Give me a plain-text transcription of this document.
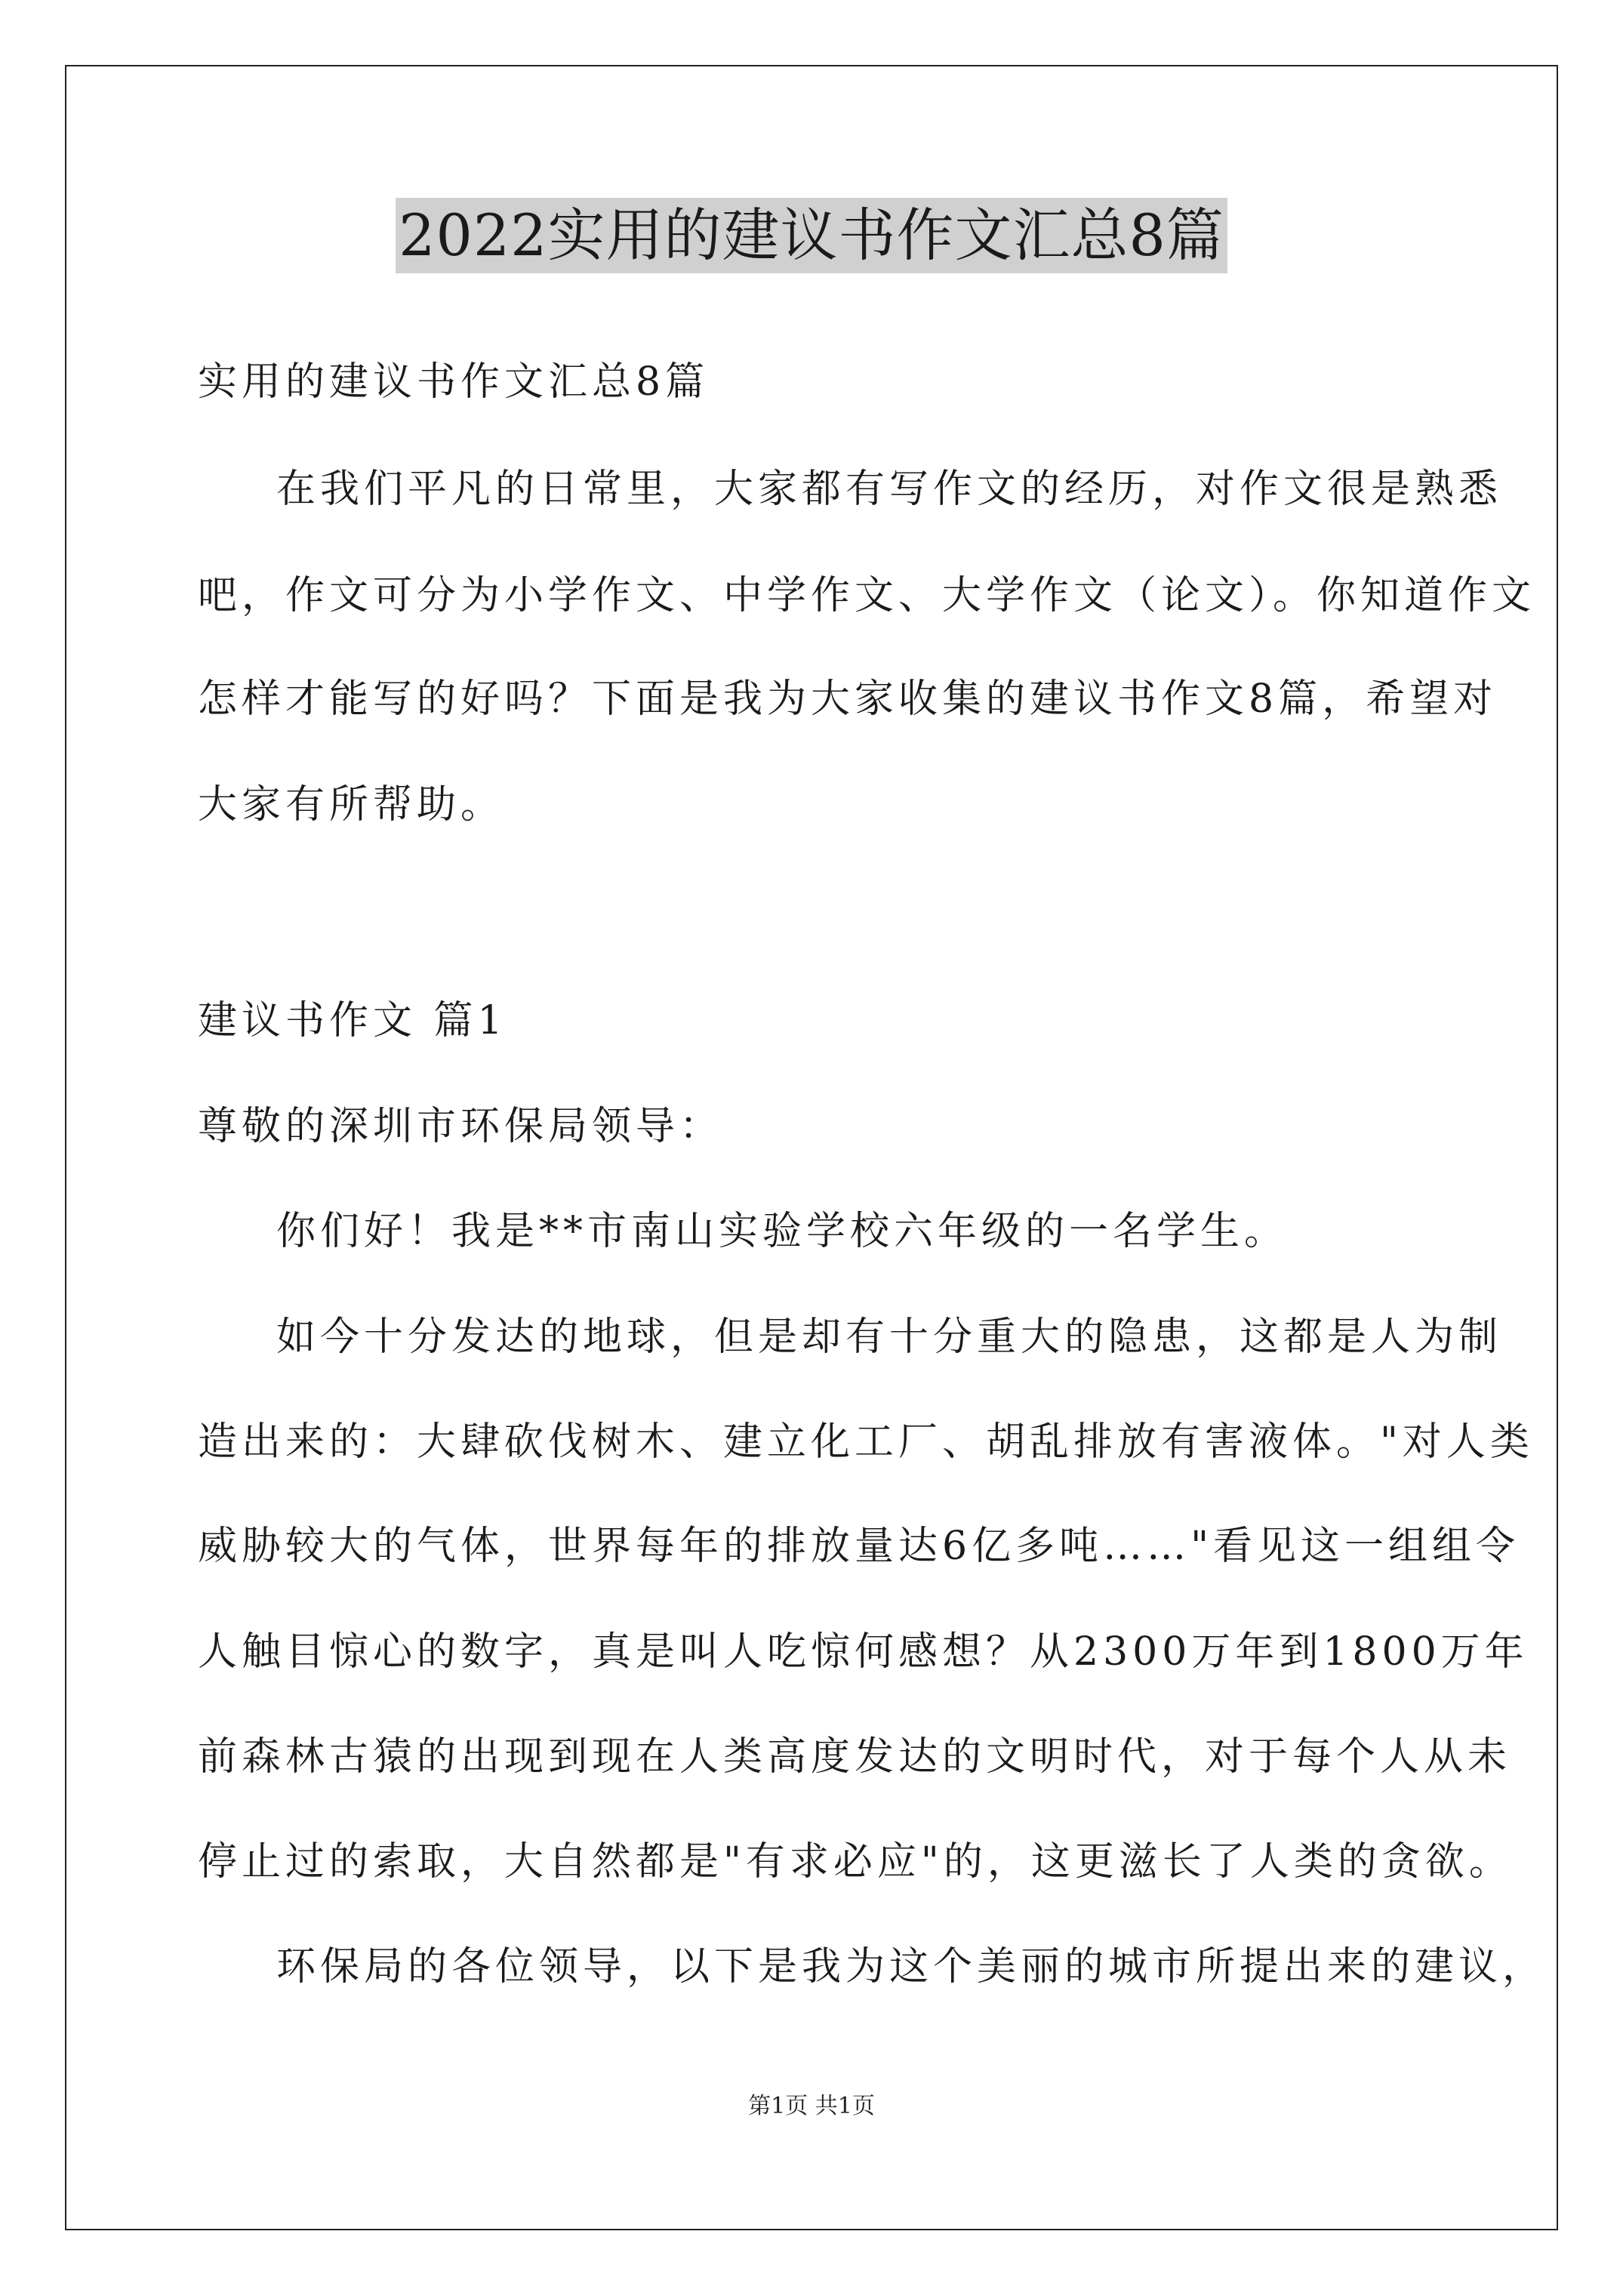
2022实用的建议书作文汇总8篇
实用的建议书作文汇总8篇
在我们平凡的日常里，大家都有写作文的经历，对作文很是熟悉
吧，作文可分为小学作文、中学作文、大学作文（论文）。你知道作文
怎样才能写的好吗？下面是我为大家收集的建议书作文8篇，希望对
大家有所帮助。
建议书作文 篇1
尊敬的深圳市环保局领导：
你们好！我是**市南山实验学校六年级的一名学生。
如今十分发达的地球，但是却有十分重大的隐患，这都是人为制
造出来的：大肆砍伐树木、建立化工厂、胡乱排放有害液体。"对人类
威胁较大的气体，世界每年的排放量达6亿多吨……"看见这一组组令
人触目惊心的数字，真是叫人吃惊何感想？从2300万年到1800万年
前森林古猿的出现到现在人类高度发达的文明时代，对于每个人从未
停止过的索取，大自然都是"有求必应"的，这更滋长了人类的贪欲。
环保局的各位领导，以下是我为这个美丽的城市所提出来的建议，
第1页 共1页
